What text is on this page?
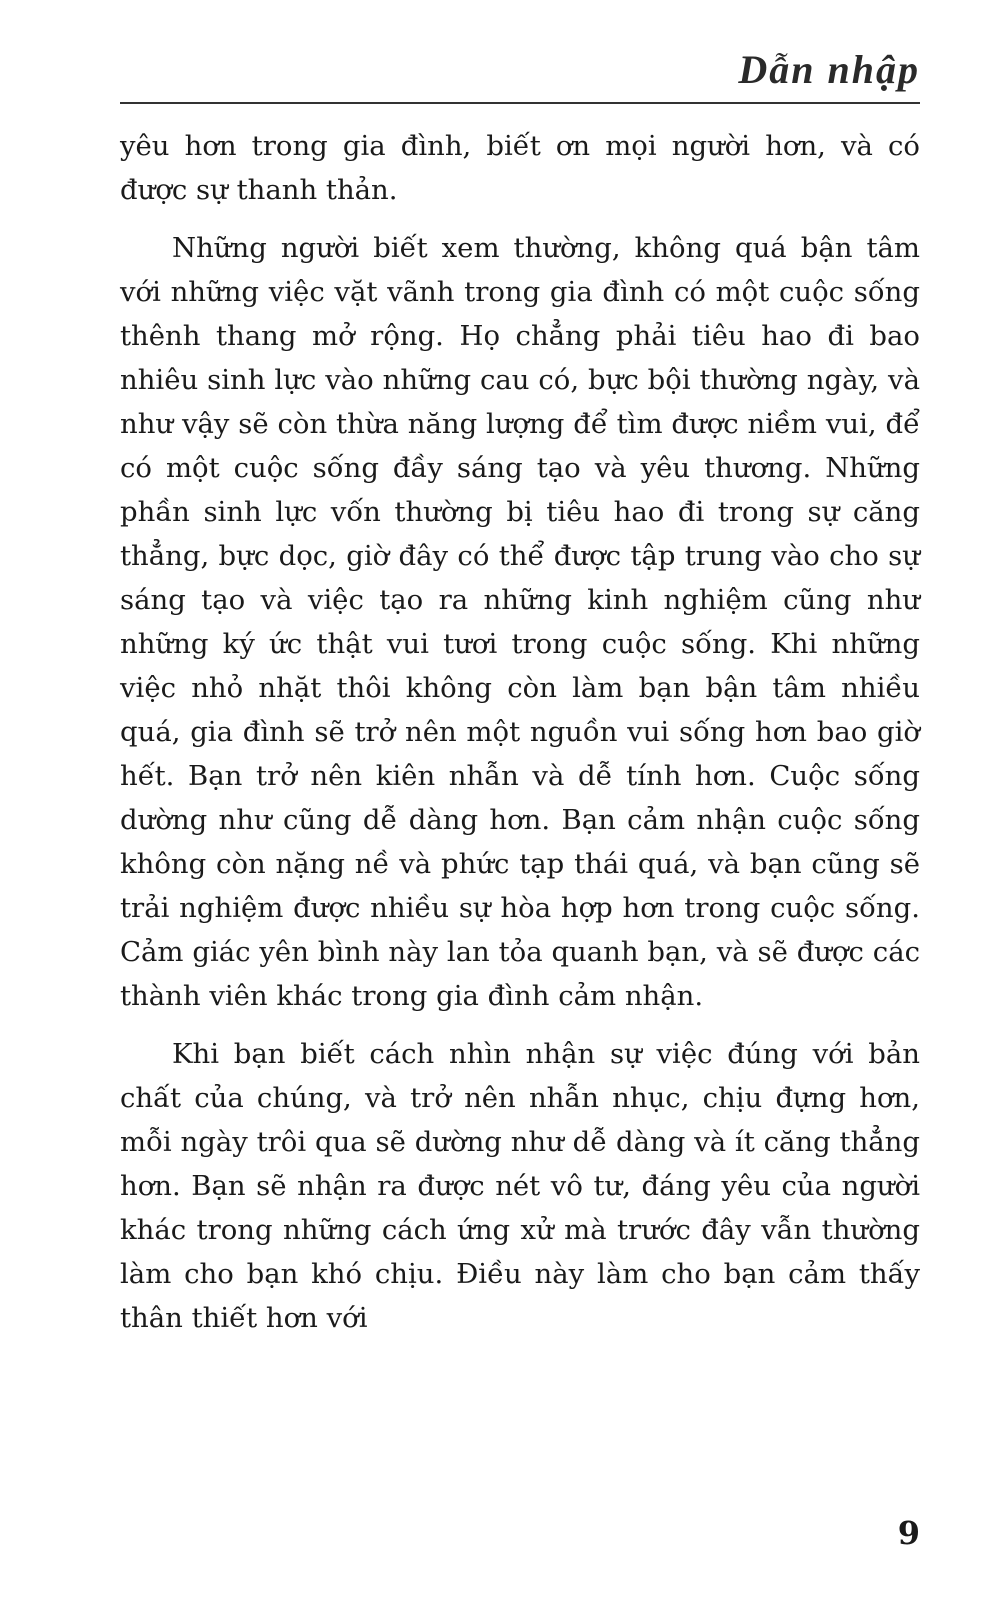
Dẫn nhập

yêu hơn trong gia đình, biết ơn mọi người hơn, và có được sự thanh thản.

Những người biết xem thường, không quá bận tâm với những việc vặt vãnh trong gia đình có một cuộc sống thênh thang mở rộng. Họ chẳng phải tiêu hao đi bao nhiêu sinh lực vào những cau có, bực bội thường ngày, và như vậy sẽ còn thừa năng lượng để tìm được niềm vui, để có một cuộc sống đầy sáng tạo và yêu thương. Những phần sinh lực vốn thường bị tiêu hao đi trong sự căng thẳng, bực dọc, giờ đây có thể được tập trung vào cho sự sáng tạo và việc tạo ra những kinh nghiệm cũng như những ký ức thật vui tươi trong cuộc sống. Khi những việc nhỏ nhặt thôi không còn làm bạn bận tâm nhiều quá, gia đình sẽ trở nên một nguồn vui sống hơn bao giờ hết. Bạn trở nên kiên nhẫn và dễ tính hơn. Cuộc sống dường như cũng dễ dàng hơn. Bạn cảm nhận cuộc sống không còn nặng nề và phức tạp thái quá, và bạn cũng sẽ trải nghiệm được nhiều sự hòa hợp hơn trong cuộc sống. Cảm giác yên bình này lan tỏa quanh bạn, và sẽ được các thành viên khác trong gia đình cảm nhận.

Khi bạn biết cách nhìn nhận sự việc đúng với bản chất của chúng, và trở nên nhẫn nhục, chịu đựng hơn, mỗi ngày trôi qua sẽ dường như dễ dàng và ít căng thẳng hơn. Bạn sẽ nhận ra được nét vô tư, đáng yêu của người khác trong những cách ứng xử mà trước đây vẫn thường làm cho bạn khó chịu. Điều này làm cho bạn cảm thấy thân thiết hơn với

9
